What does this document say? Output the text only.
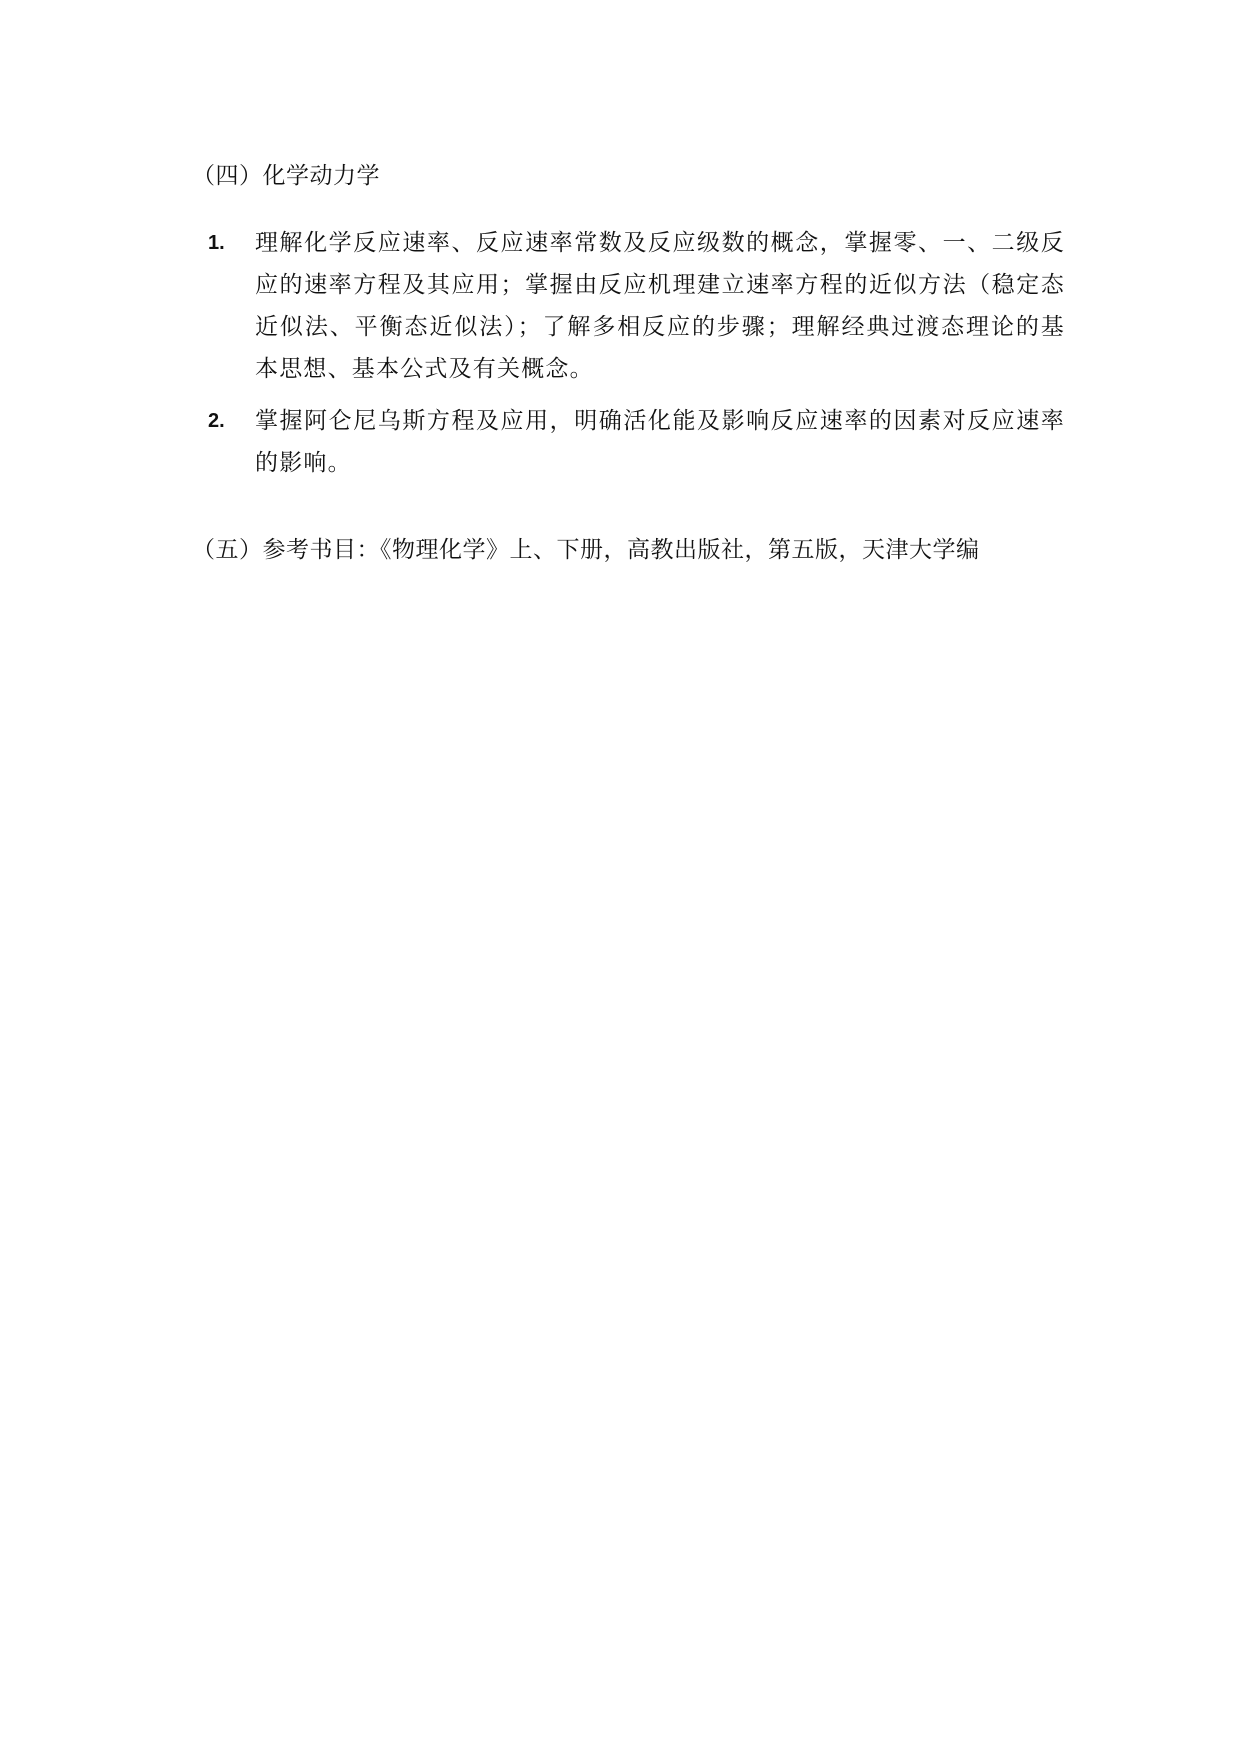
（四）化学动力学
1.	理解化学反应速率、反应速率常数及反应级数的概念，掌握零、一、二级反应的速率方程及其应用；掌握由反应机理建立速率方程的近似方法（稳定态近似法、平衡态近似法）；了解多相反应的步骤；理解经典过渡态理论的基本思想、基本公式及有关概念。
2.	掌握阿仑尼乌斯方程及应用，明确活化能及影响反应速率的因素对反应速率的影响。
（五）参考书目：《物理化学》上、下册，高教出版社，第五版，天津大学编
